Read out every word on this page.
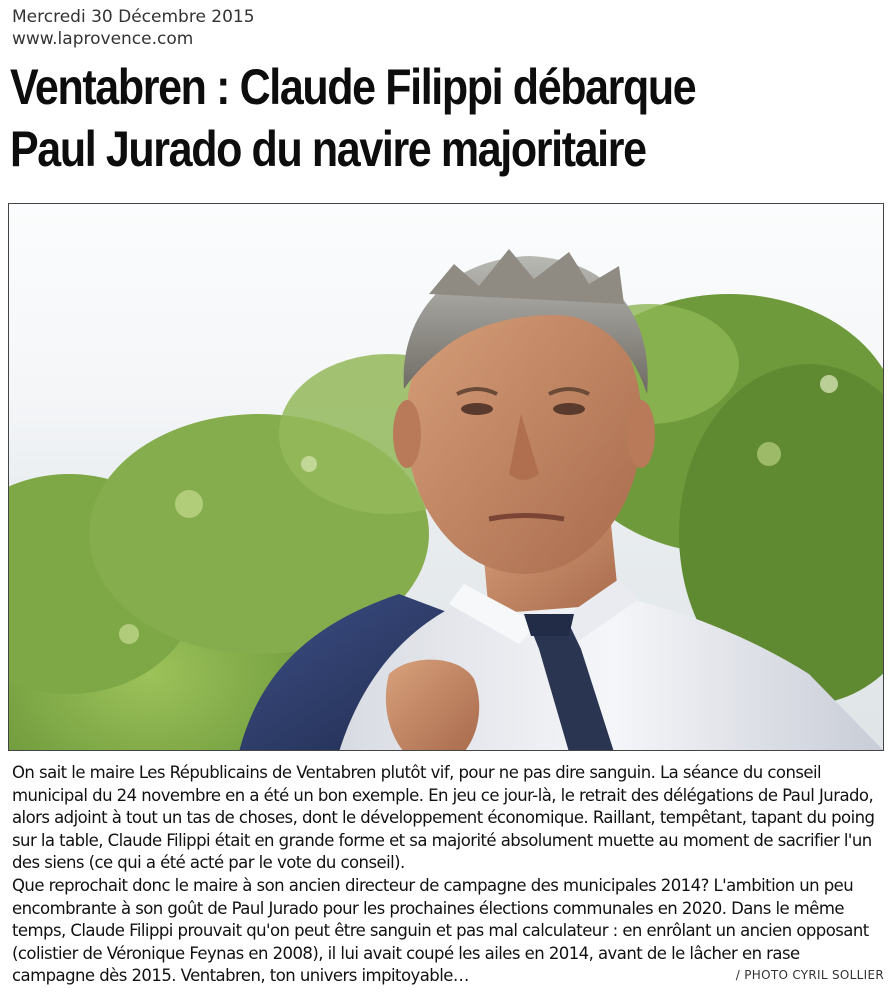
Mercredi 30 Décembre 2015
www.laprovence.com
Ventabren : Claude Filippi débarque
Paul Jurado du navire majoritaire

On sait le maire Les Républicains de Ventabren plutôt vif, pour ne pas dire sanguin. La séance du conseil municipal du 24 novembre en a été un bon exemple. En jeu ce jour-là, le retrait des délégations de Paul Jurado, alors adjoint à tout un tas de choses, dont le développement économique. Raillant, tempêtant, tapant du poing sur la table, Claude Filippi était en grande forme et sa majorité absolument muette au moment de sacrifier l'un des siens (ce qui a été acté par le vote du conseil).

Que reprochait donc le maire à son ancien directeur de campagne des municipales 2014? L'ambition un peu encombrante à son goût de Paul Jurado pour les prochaines élections communales en 2020. Dans le même temps, Claude Filippi prouvait qu'on peut être sanguin et pas mal calculateur : en enrôlant un ancien opposant (colistier de Véronique Feynas en 2008), il lui avait coupé les ailes en 2014, avant de le lâcher en rase campagne dès 2015. Ventabren, ton univers impitoyable…	/ PHOTO CYRIL SOLLIER
